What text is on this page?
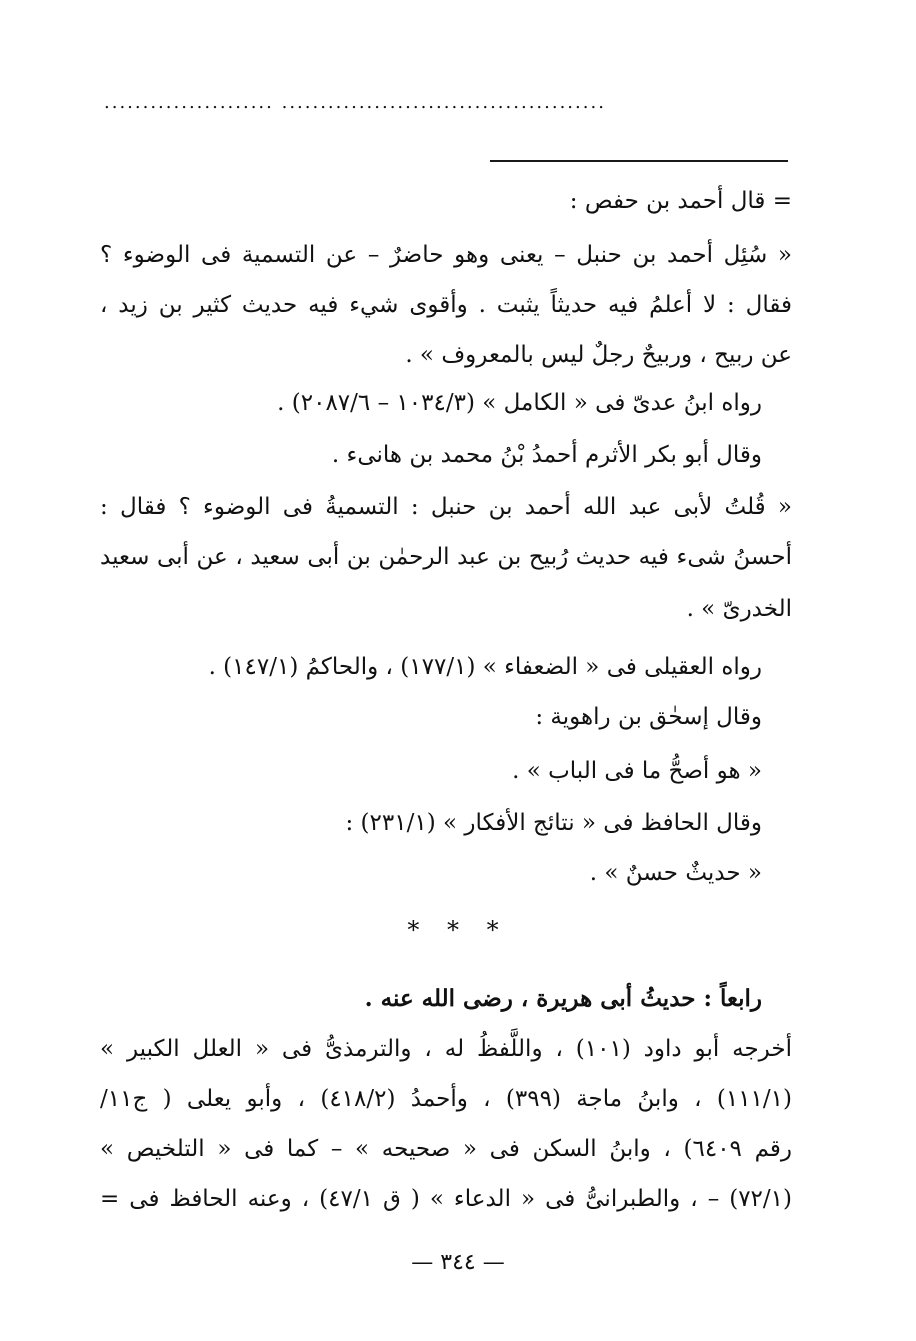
...................... ..........................................
= قال أحمد بن حفص :
« سُئِل أحمد بن حنبل – يعنى وهو حاضرٌ – عن التسمية فى الوضوء ؟
فقال : لا أعلمُ فيه حديثاً يثبت . وأقوى شيء فيه حديث كثير بن زيد ،
عن ربيح ، وربيحٌ رجلٌ ليس بالمعروف » .
رواه ابنُ عدىّ فى « الكامل » (١٠٣٤/٣ – ٢٠٨٧/٦) .
وقال أبو بكر الأثرم أحمدُ بْنُ محمد بن هانىء .
« قُلتُ لأبى عبد الله أحمد بن حنبل : التسميةُ فى الوضوء ؟ فقال :
أحسنُ شىء فيه حديث رُبيح بن عبد الرحمٰن بن أبى سعيد ، عن أبى سعيد
الخدرىّ » .
رواه العقيلى فى « الضعفاء » (١٧٧/١) ، والحاكمُ (١٤٧/١) .
وقال إسحٰق بن راهوية :
« هو أصحُّ ما فى الباب » .
وقال الحافظ فى « نتائج الأفكار » (٢٣١/١) :
« حديثٌ حسنٌ » .
* * *
رابعاً : حديثُ أبى هريرة ، رضى الله عنه .
أخرجه أبو داود (١٠١) ، واللَّفظُ له ، والترمذىُّ فى « العلل الكبير »
(١١١/١) ، وابنُ ماجة (٣٩٩) ، وأحمدُ (٤١٨/٢) ، وأبو يعلى ( ج١١/
رقم ٦٤٠٩) ، وابنُ السكن فى « صحيحه » – كما فى « التلخيص »
(٧٢/١) – ، والطبرانىُّ فى « الدعاء » ( ق ٤٧/١) ، وعنه الحافظ فى =
— ٣٤٤ —
